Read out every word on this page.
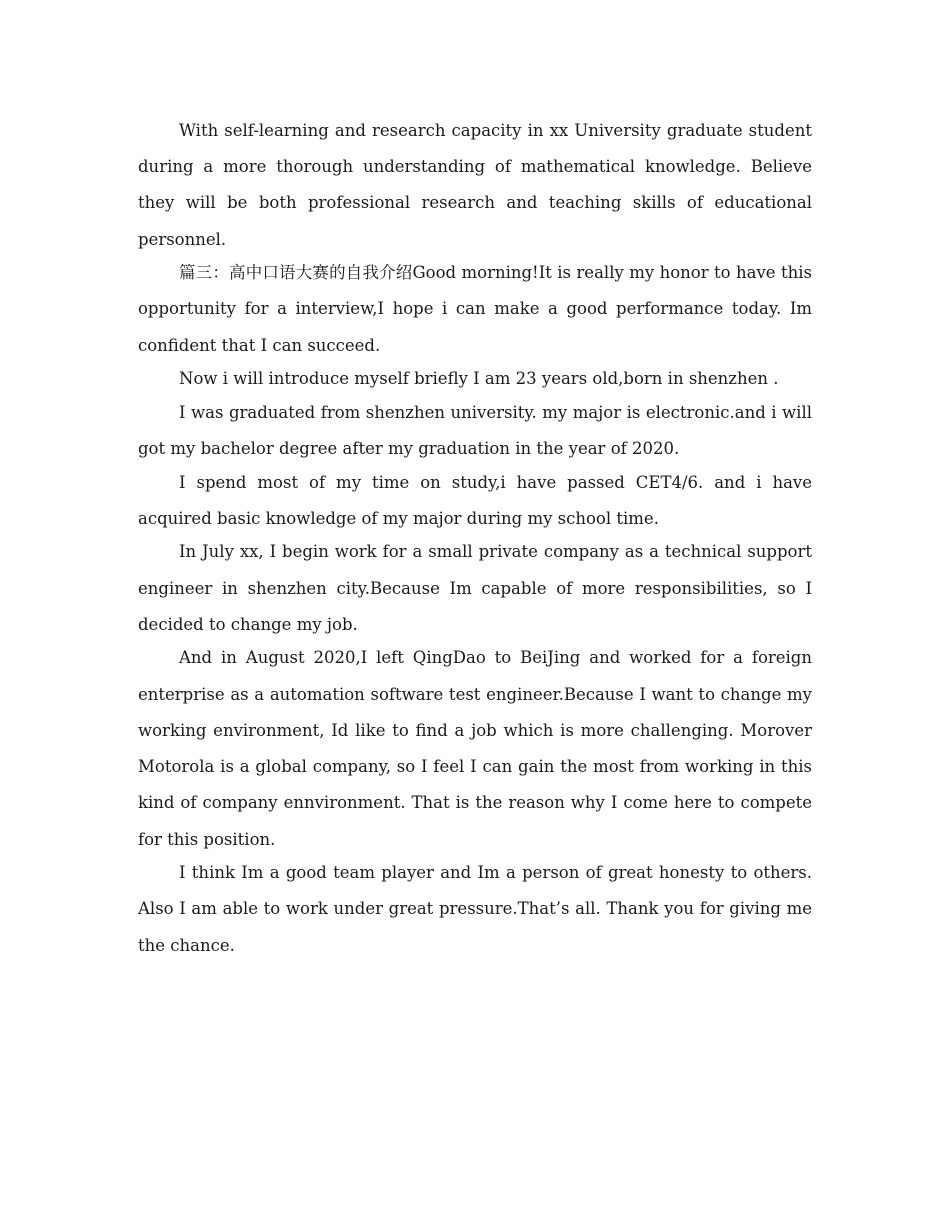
With self-learning and research capacity in xx University graduate student during a more thorough understanding of mathematical knowledge. Believe they will be both professional research and teaching skills of educational personnel.

篇三：高中口语大赛的自我介绍Good morning!It is really my honor to have this opportunity for a interview,I hope i can make a good performance today. Im confident that I can succeed.

Now i will introduce myself briefly I am 23 years old,born in shenzhen .

I was graduated from shenzhen university. my major is electronic.and i will got my bachelor degree after my graduation in the year of 2020.

I spend most of my time on study,i have passed CET4/6. and i have acquired basic knowledge of my major during my school time.

In July xx, I begin work for a small private company as a technical support engineer in shenzhen city.Because Im capable of more responsibilities, so I decided to change my job.

And in August 2020,I left QingDao to BeiJing and worked for a foreign enterprise as a automation software test engineer.Because I want to change my working environment, Id like to find a job which is more challenging. Morover Motorola is a global company, so I feel I can gain the most from working in this kind of company ennvironment. That is the reason why I come here to compete for this position.

I think Im a good team player and Im a person of great honesty to others. Also I am able to work under great pressure.That’s all. Thank you for giving me the chance.
